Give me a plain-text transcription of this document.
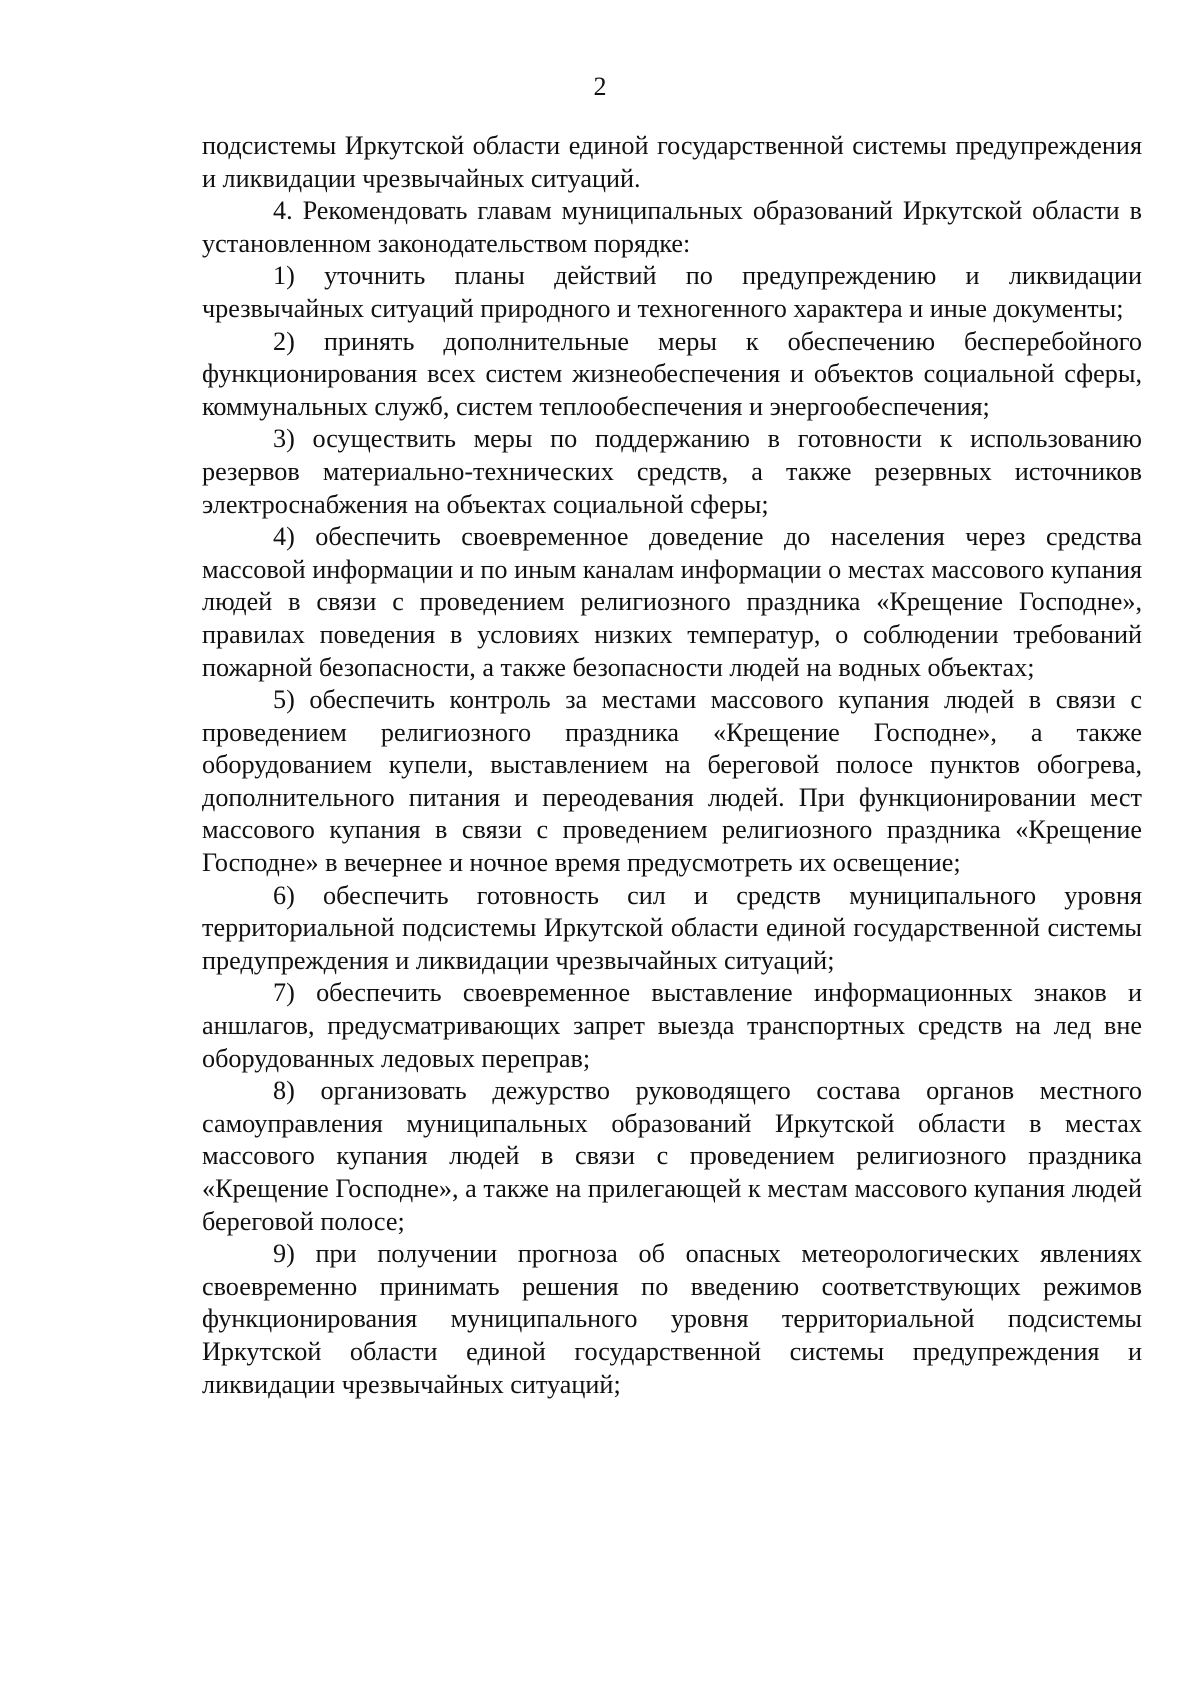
2

подсистемы Иркутской области единой государственной системы предупреждения и ликвидации чрезвычайных ситуаций.

4. Рекомендовать главам муниципальных образований Иркутской области в установленном законодательством порядке:

1) уточнить планы действий по предупреждению и ликвидации чрезвычайных ситуаций природного и техногенного характера и иные документы;

2) принять дополнительные меры к обеспечению бесперебойного функционирования всех систем жизнеобеспечения и объектов социальной сферы, коммунальных служб, систем теплообеспечения и энергообеспечения;

3) осуществить меры по поддержанию в готовности к использованию резервов материально-технических средств, а также резервных источников электроснабжения на объектах социальной сферы;

4) обеспечить своевременное доведение до населения через средства массовой информации и по иным каналам информации о местах массового купания людей в связи с проведением религиозного праздника «Крещение Господне», правилах поведения в условиях низких температур, о соблюдении требований пожарной безопасности, а также безопасности людей на водных объектах;

5) обеспечить контроль за местами массового купания людей в связи с проведением религиозного праздника «Крещение Господне», а также оборудованием купели, выставлением на береговой полосе пунктов обогрева, дополнительного питания и переодевания людей. При функционировании мест массового купания в связи с проведением религиозного праздника «Крещение Господне» в вечернее и ночное время предусмотреть их освещение;

6) обеспечить готовность сил и средств муниципального уровня территориальной подсистемы Иркутской области единой государственной системы предупреждения и ликвидации чрезвычайных ситуаций;

7) обеспечить своевременное выставление информационных знаков и аншлагов, предусматривающих запрет выезда транспортных средств на лед вне оборудованных ледовых переправ;

8) организовать дежурство руководящего состава органов местного самоуправления муниципальных образований Иркутской области в местах массового купания людей в связи с проведением религиозного праздника «Крещение Господне», а также на прилегающей к местам массового купания людей береговой полосе;

9) при получении прогноза об опасных метеорологических явлениях своевременно принимать решения по введению соответствующих режимов функционирования муниципального уровня территориальной подсистемы Иркутской области единой государственной системы предупреждения и ликвидации чрезвычайных ситуаций;
